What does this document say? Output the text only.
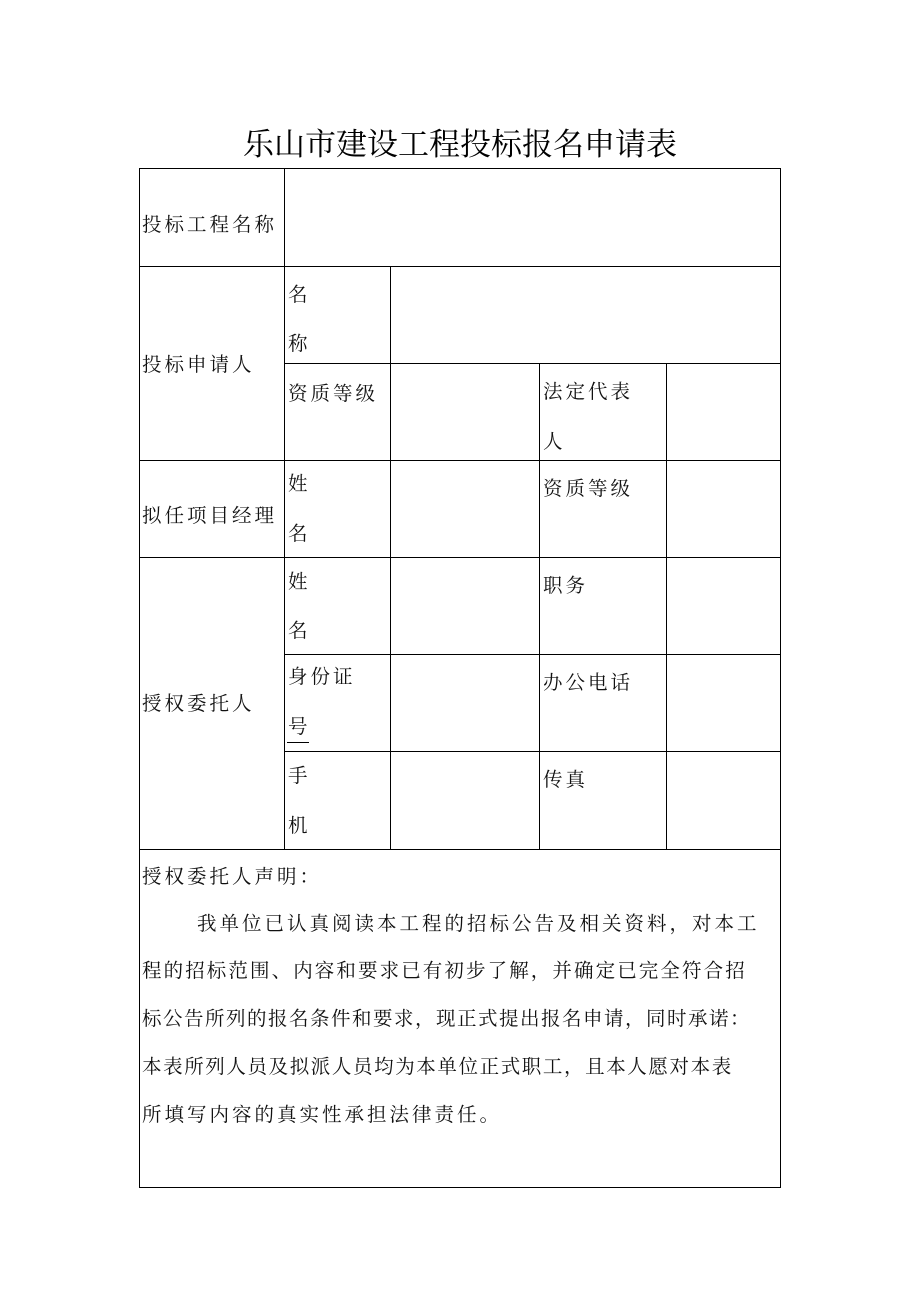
乐山市建设工程投标报名申请表
投标工程名称
投标申请人
名
称
资质等级	法定代表
人
拟任项目经理
姓
名
资质等级
授权委托人
姓
名
职务
身份证
号
办公电话
手
机
传真
授权委托人声明：
我单位已认真阅读本工程的招标公告及相关资料，对本工
程的招标范围、内容和要求已有初步了解，并确定已完全符合招
标公告所列的报名条件和要求，现正式提出报名申请，同时承诺：
本表所列人员及拟派人员均为本单位正式职工，且本人愿对本表
所填写内容的真实性承担法律责任。
